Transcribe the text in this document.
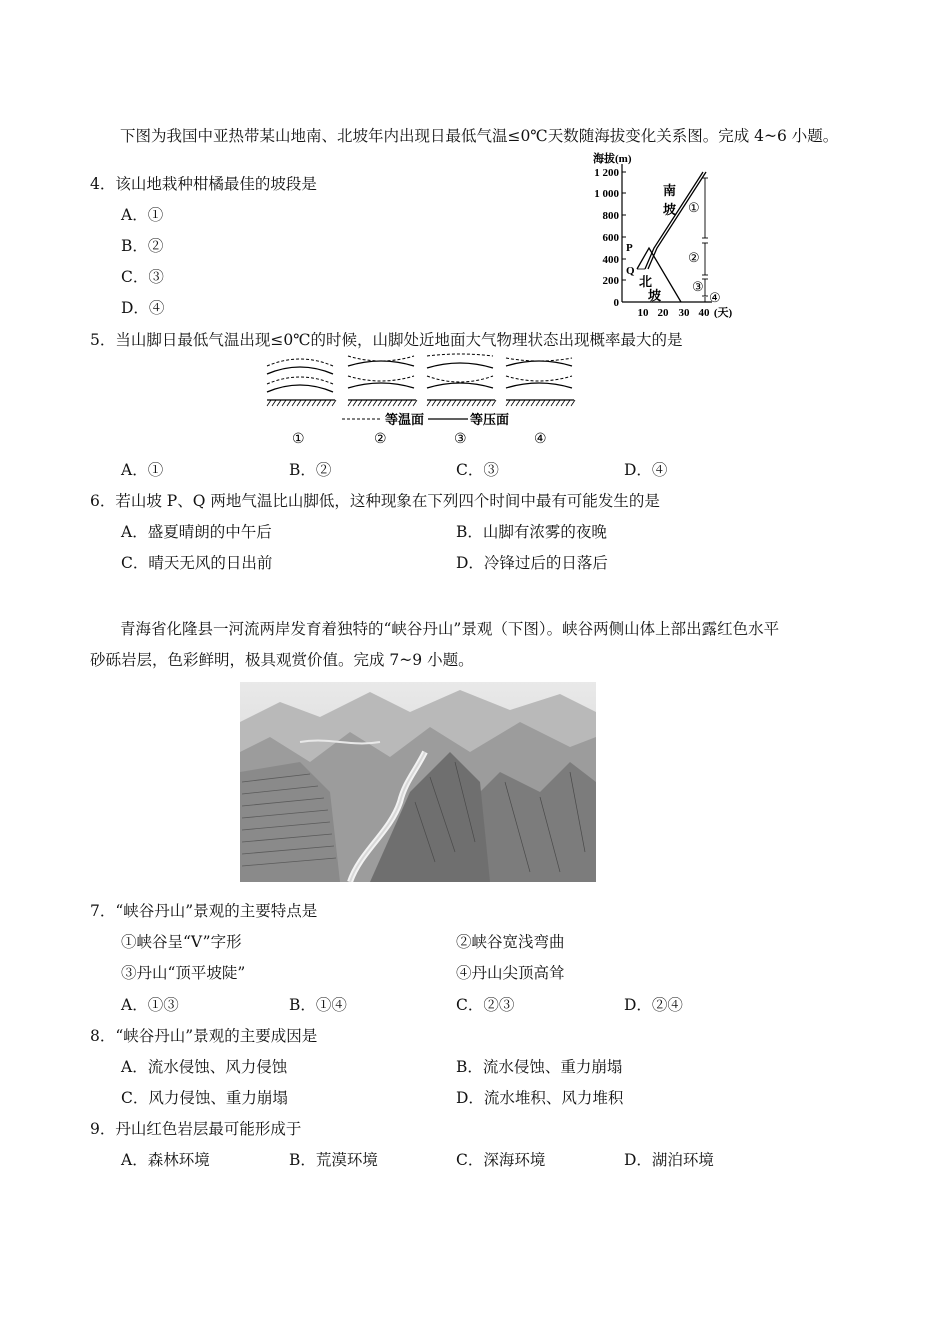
下图为我国中亚热带某山地南、北坡年内出现日最低气温≤0℃天数随海拔变化关系图。完成 4~6 小题。
4．该山地栽种柑橘最佳的坡段是
A．①
B．②
C．③
D．④
海拔(m)
1 200
1 000
800
600
400
200
0
10 20 30 40 (天)
P
Q
南
坡
北
坡
①
②
③
④
5．当山脚日最低气温出现≤0℃的时候，山脚处近地面大气物理状态出现概率最大的是
等温面	等压面
①	②	③	④
A．①	B．②	C．③	D．④
6．若山坡 P、Q 两地气温比山脚低，这种现象在下列四个时间中最有可能发生的是
A．盛夏晴朗的中午后	B．山脚有浓雾的夜晚
C．晴天无风的日出前	D．冷锋过后的日落后
青海省化隆县一河流两岸发育着独特的“峡谷丹山”景观（下图）。峡谷两侧山体上部出露红色水平
砂砾岩层，色彩鲜明，极具观赏价值。完成 7~9 小题。
7．“峡谷丹山”景观的主要特点是
①峡谷呈“V”字形	②峡谷宽浅弯曲
③丹山“顶平坡陡”	④丹山尖顶高耸
A．①③	B．①④	C．②③	D．②④
8．“峡谷丹山”景观的主要成因是
A．流水侵蚀、风力侵蚀	B．流水侵蚀、重力崩塌
C．风力侵蚀、重力崩塌	D．流水堆积、风力堆积
9．丹山红色岩层最可能形成于
A．森林环境	B．荒漠环境	C．深海环境	D．湖泊环境
